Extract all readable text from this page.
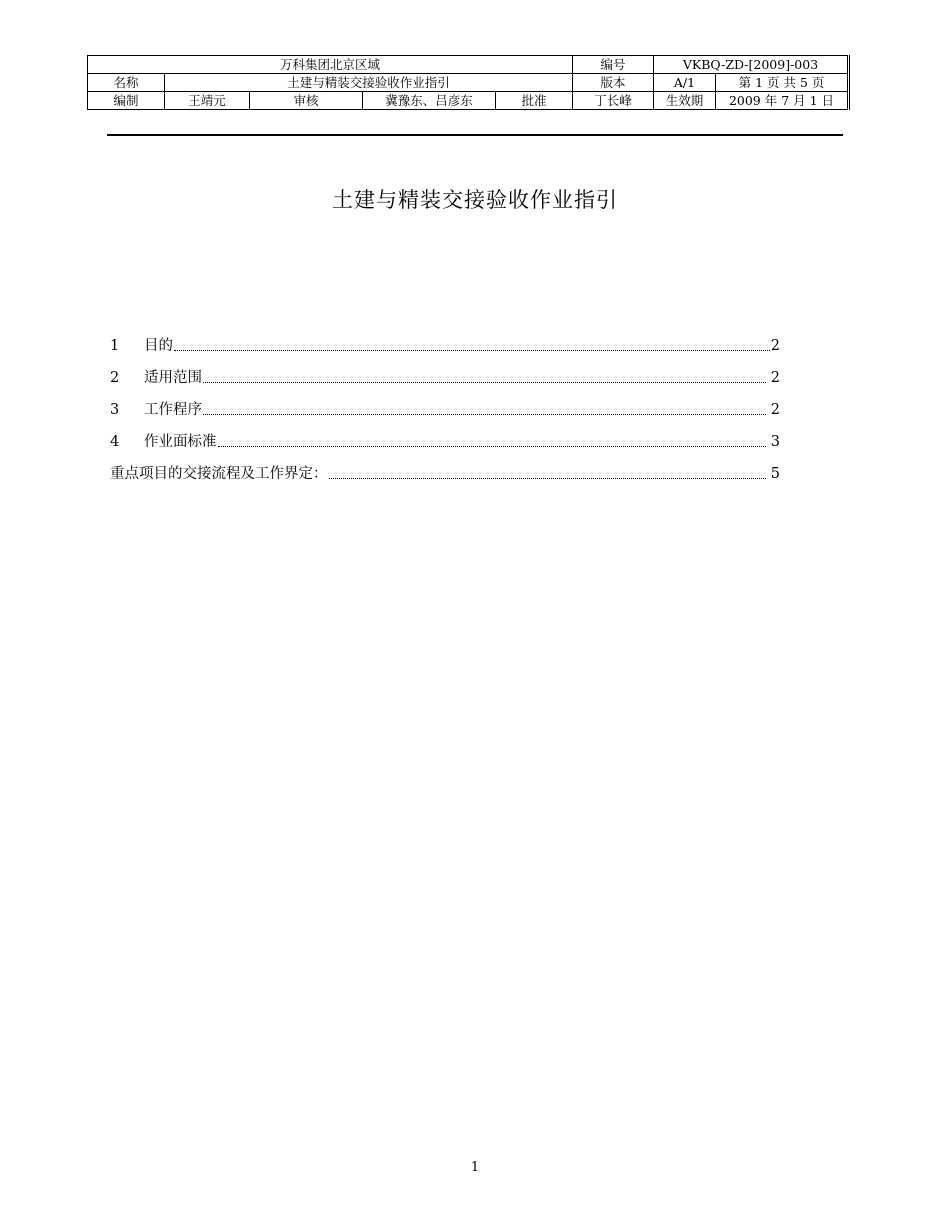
万科集团北京区域					编号	VKBQ-ZD-[2009]-003	
名称	土建与精装交接验收作业指引				版本	A/1	第 1 页 共 5 页
编制	王靖元	审核	冀豫东、吕彦东	批准	丁长峰	生效期	2009 年 7 月 1 日
土建与精装交接验收作业指引
1	目的	2
2	适用范围	2
3	工作程序	2
4	作业面标准	3
重点项目的交接流程及工作界定：	5
1
